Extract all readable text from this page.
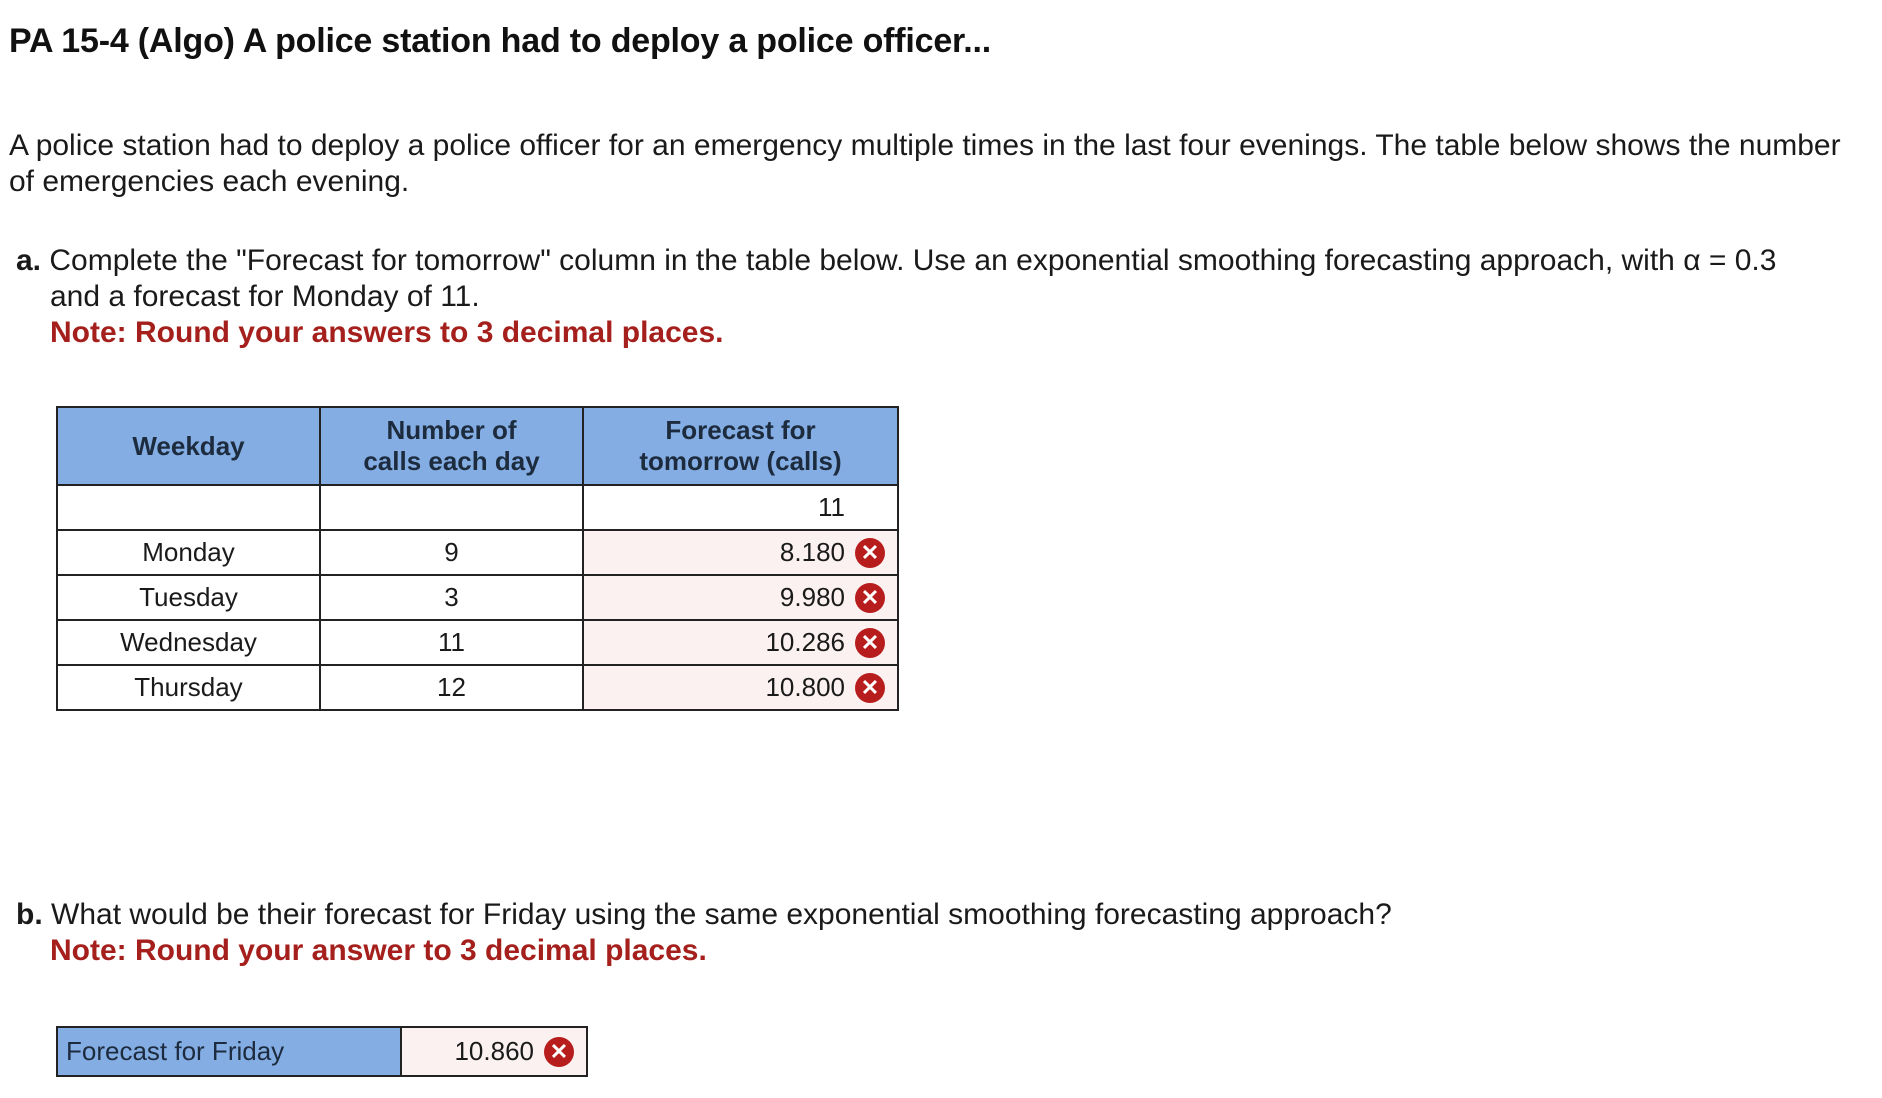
PA 15-4 (Algo) A police station had to deploy a police officer...

A police station had to deploy a police officer for an emergency multiple times in the last four evenings. The table below shows the number of emergencies each evening.

a. Complete the "Forecast for tomorrow" column in the table below. Use an exponential smoothing forecasting approach, with α = 0.3
and a forecast for Monday of 11.
Note: Round your answers to 3 decimal places.
Weekday	Number of calls each day	Forecast for tomorrow (calls)
		11
Monday	9	8.180 ✕

Tuesday	3	9.980 ✕

Wednesday	11	10.286 ✕

Thursday	12	10.800 ✕
b. What would be their forecast for Friday using the same exponential smoothing forecasting approach?
Note: Round your answer to 3 decimal places.
Forecast for Friday	10.860 ✕
